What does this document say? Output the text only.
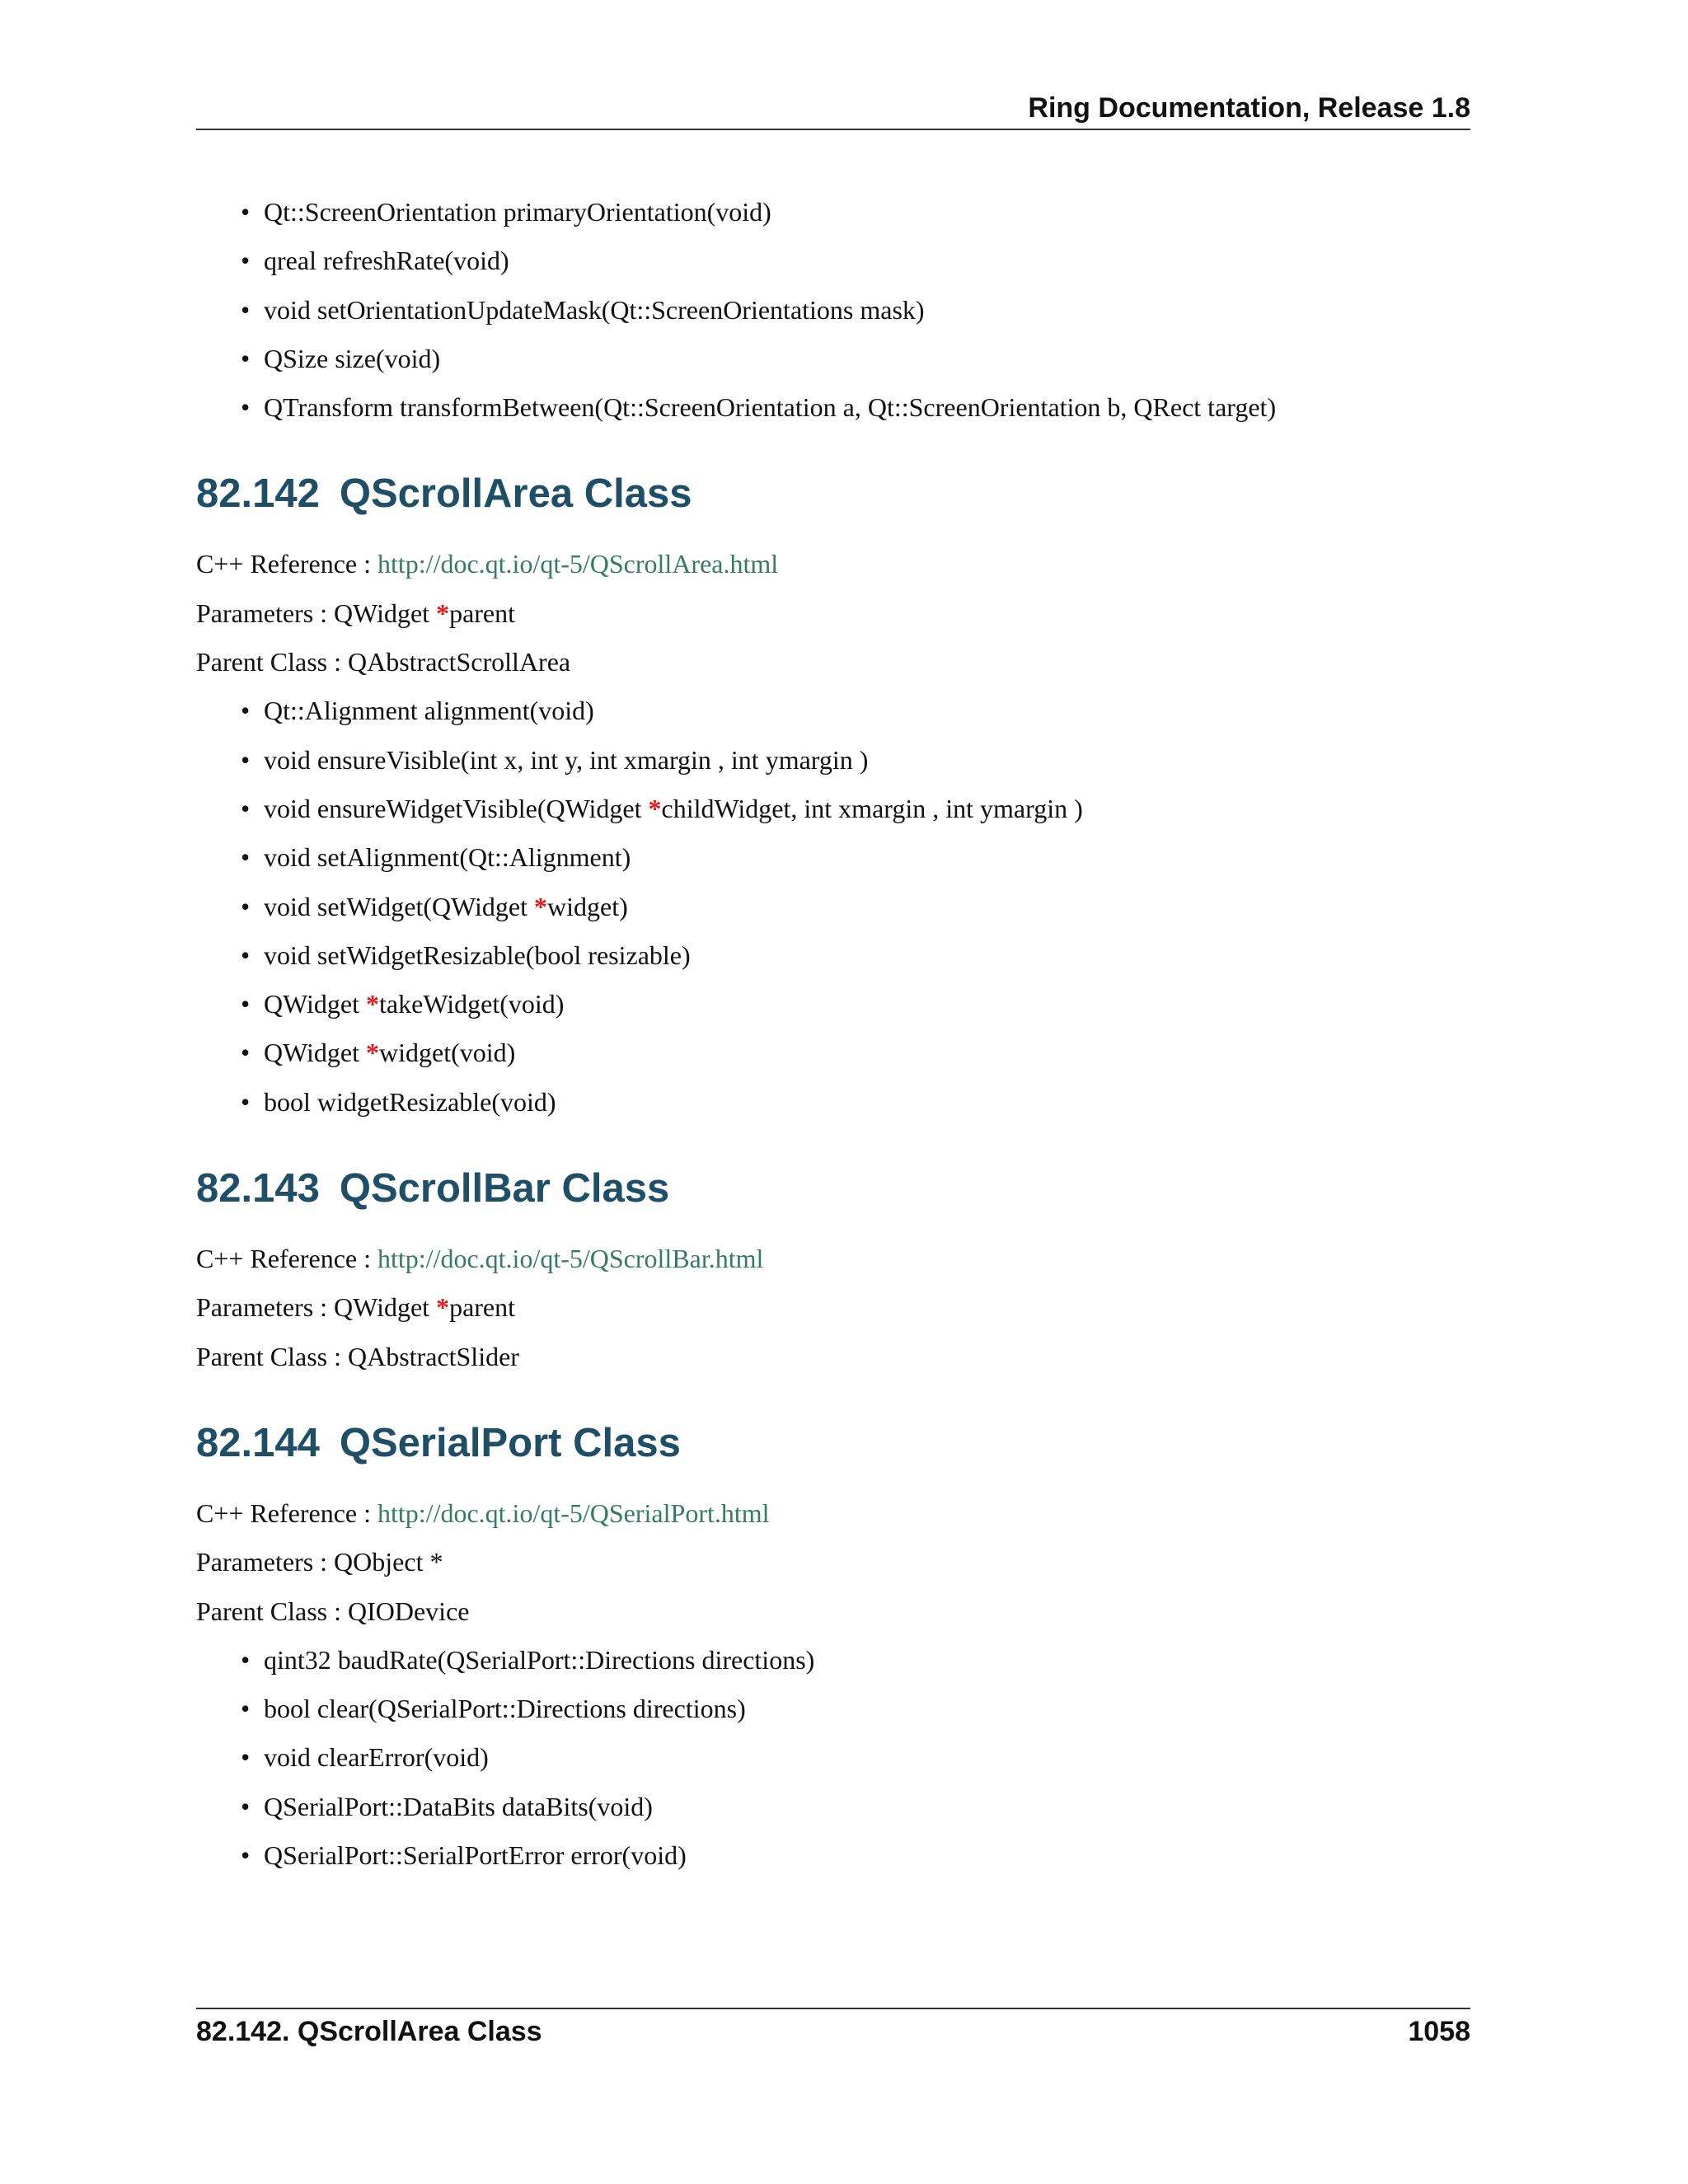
Ring Documentation, Release 1.8
• Qt::ScreenOrientation primaryOrientation(void)
• qreal refreshRate(void)
• void setOrientationUpdateMask(Qt::ScreenOrientations mask)
• QSize size(void)
• QTransform transformBetween(Qt::ScreenOrientation a, Qt::ScreenOrientation b, QRect target)
82.142 QScrollArea Class
C++ Reference : http://doc.qt.io/qt-5/QScrollArea.html
Parameters : QWidget *parent
Parent Class : QAbstractScrollArea
• Qt::Alignment alignment(void)
• void ensureVisible(int x, int y, int xmargin , int ymargin )
• void ensureWidgetVisible(QWidget *childWidget, int xmargin , int ymargin )
• void setAlignment(Qt::Alignment)
• void setWidget(QWidget *widget)
• void setWidgetResizable(bool resizable)
• QWidget *takeWidget(void)
• QWidget *widget(void)
• bool widgetResizable(void)
82.143 QScrollBar Class
C++ Reference : http://doc.qt.io/qt-5/QScrollBar.html
Parameters : QWidget *parent
Parent Class : QAbstractSlider
82.144 QSerialPort Class
C++ Reference : http://doc.qt.io/qt-5/QSerialPort.html
Parameters : QObject *
Parent Class : QIODevice
• qint32 baudRate(QSerialPort::Directions directions)
• bool clear(QSerialPort::Directions directions)
• void clearError(void)
• QSerialPort::DataBits dataBits(void)
• QSerialPort::SerialPortError error(void)
82.142. QScrollArea Class	1058
